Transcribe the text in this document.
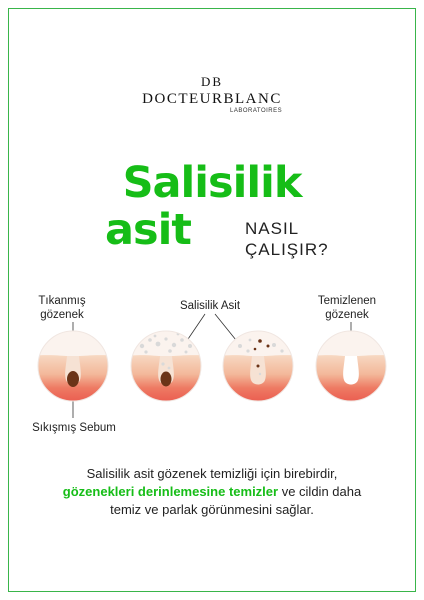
DB
DOCTEURBLANC
LABORATOIRES
Salisilik
asit	NASIL
ÇALIŞIR?
Tıkanmış
gözenek
Salisilik Asit	Temizlenen
gözenek
Sıkışmış Sebum
Salisilik asit gözenek temizliği için birebirdir,
gözenekleri derinlemesine temizler ve cildin daha
temiz ve parlak görünmesini sağlar.
